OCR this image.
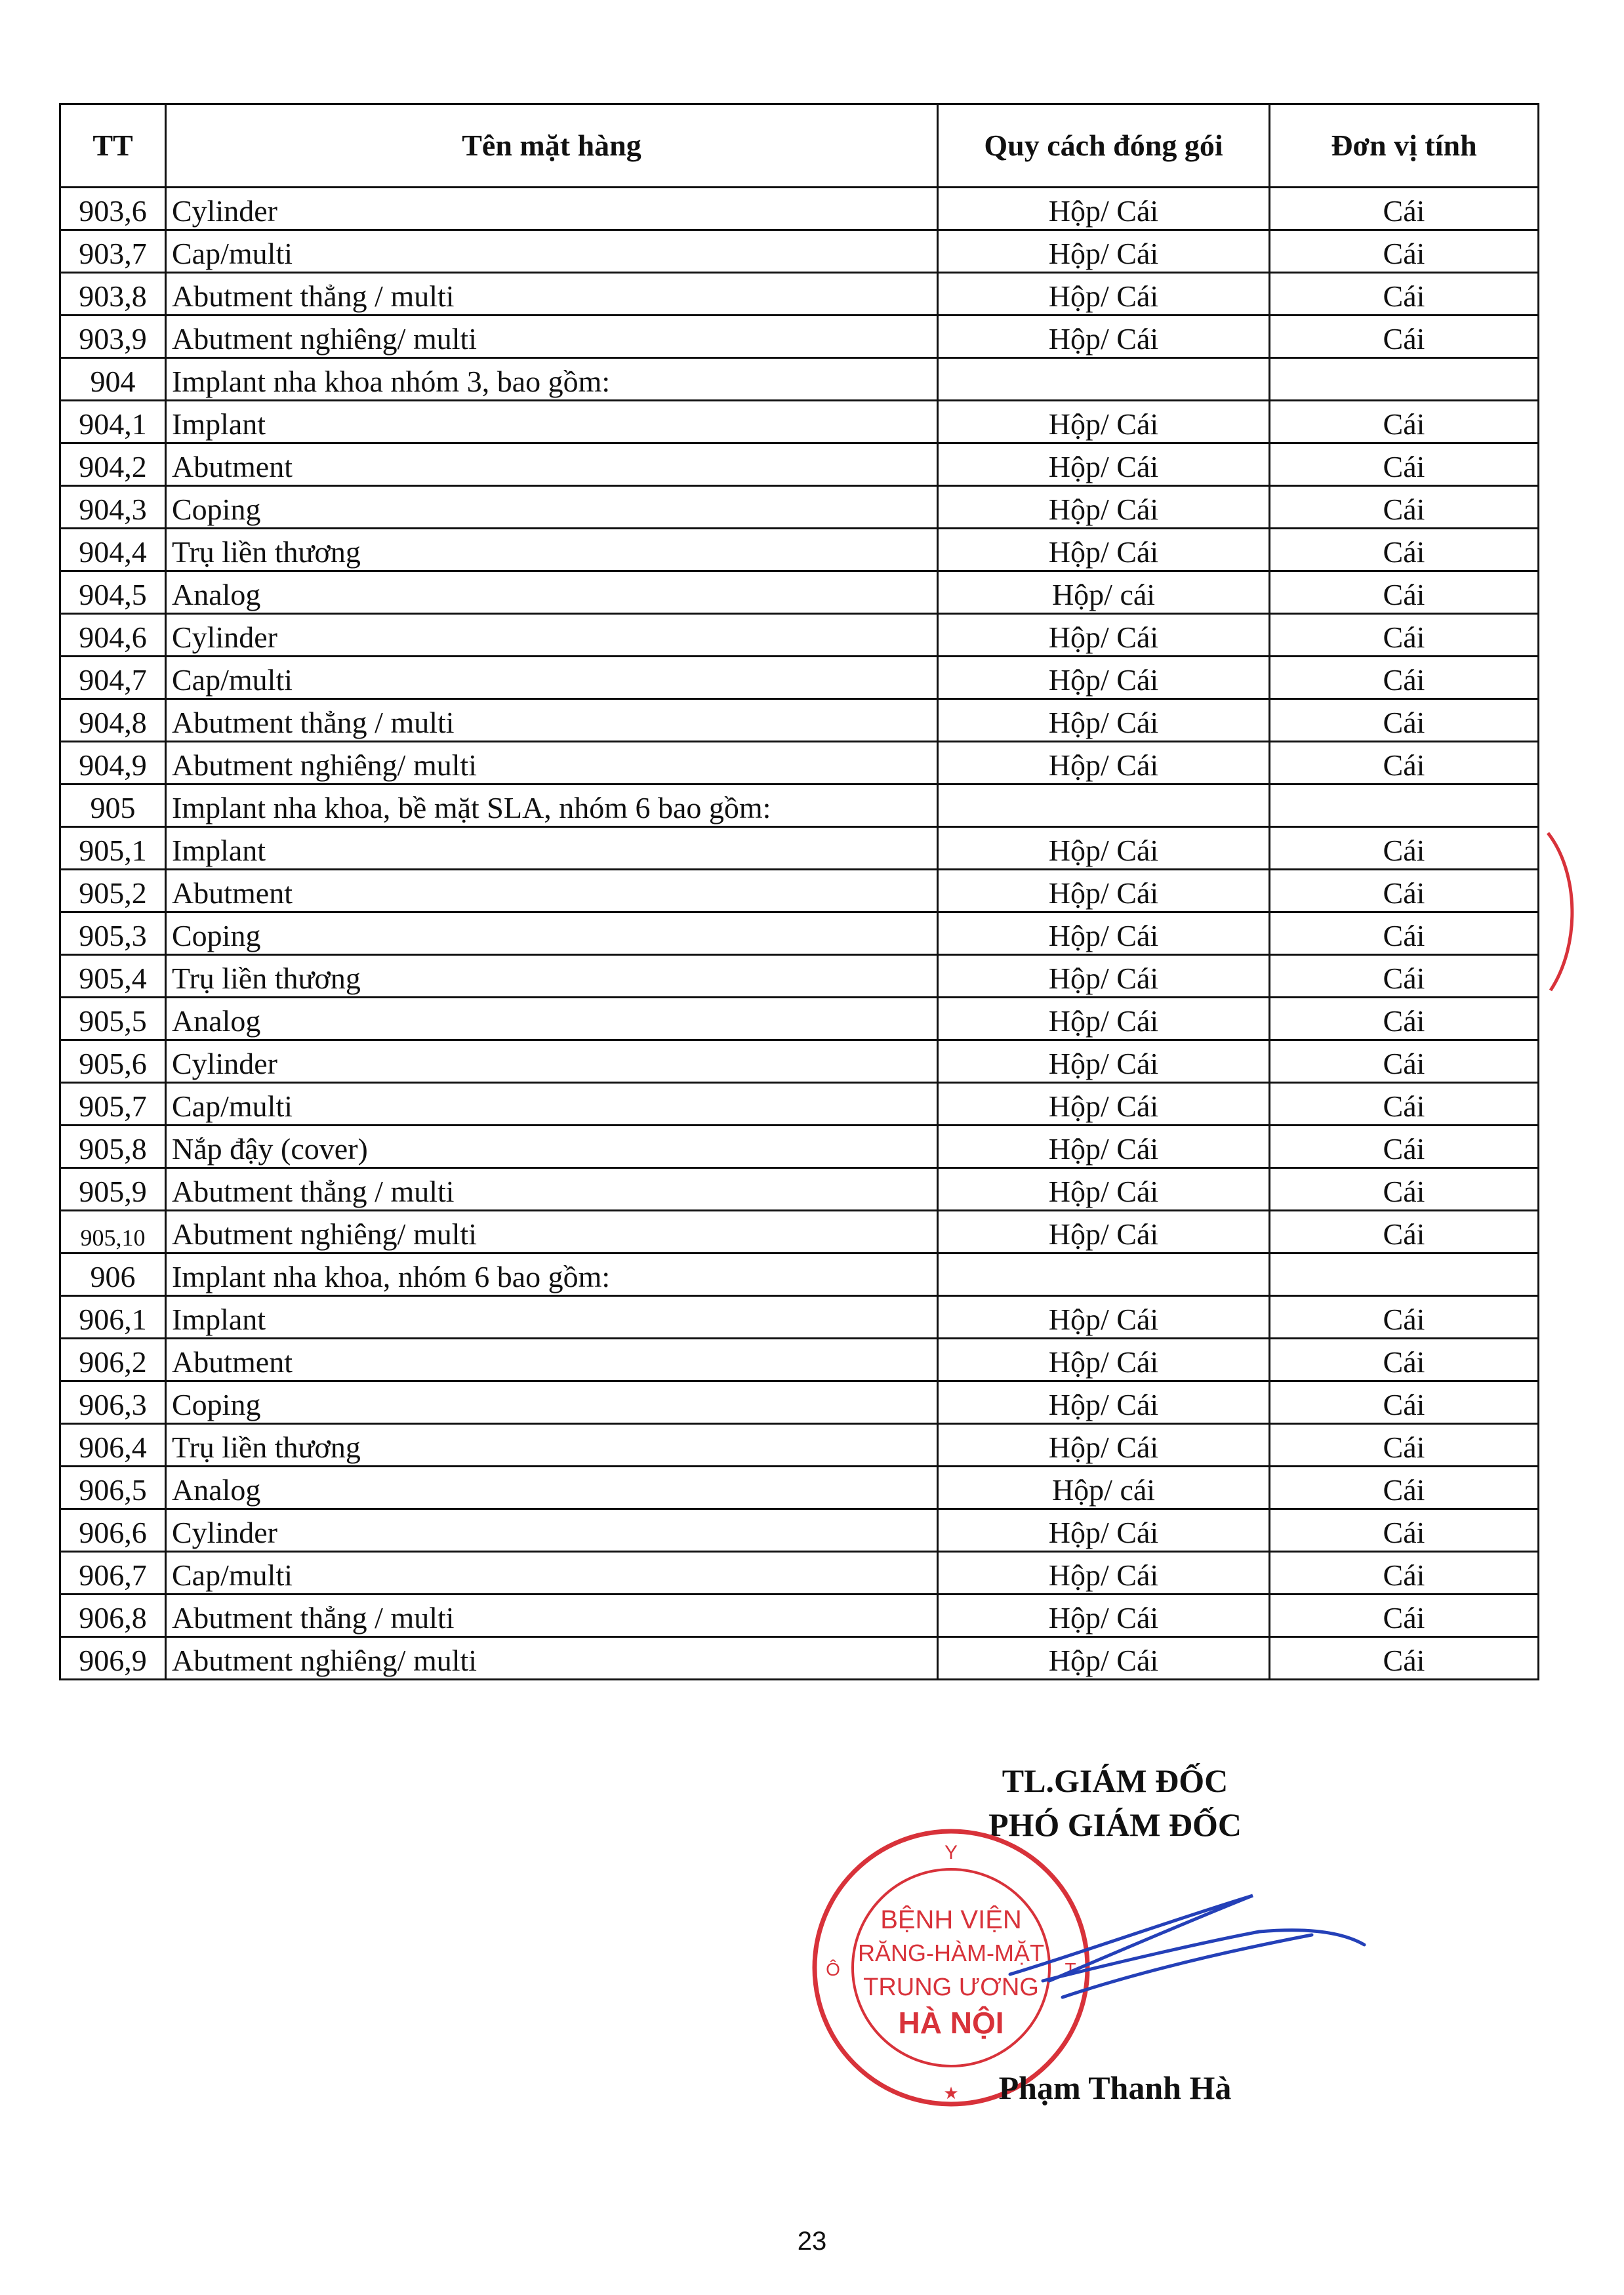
TT	Tên mặt hàng	Quy cách đóng gói	Đơn vị tính
903,6	Cylinder	Hộp/ Cái	Cái
903,7	Cap/multi	Hộp/ Cái	Cái
903,8	Abutment thẳng / multi	Hộp/ Cái	Cái
903,9	Abutment nghiêng/ multi	Hộp/ Cái	Cái
904	Implant nha khoa nhóm 3, bao gồm:		
904,1	Implant	Hộp/ Cái	Cái
904,2	Abutment	Hộp/ Cái	Cái
904,3	Coping	Hộp/ Cái	Cái
904,4	Trụ liền thương	Hộp/ Cái	Cái
904,5	Analog	Hộp/ cái	Cái
904,6	Cylinder	Hộp/ Cái	Cái
904,7	Cap/multi	Hộp/ Cái	Cái
904,8	Abutment thẳng / multi	Hộp/ Cái	Cái
904,9	Abutment nghiêng/ multi	Hộp/ Cái	Cái
905	Implant nha khoa, bề mặt SLA, nhóm 6 bao gồm:		
905,1	Implant	Hộp/ Cái	Cái
905,2	Abutment	Hộp/ Cái	Cái
905,3	Coping	Hộp/ Cái	Cái
905,4	Trụ liền thương	Hộp/ Cái	Cái
905,5	Analog	Hộp/ Cái	Cái
905,6	Cylinder	Hộp/ Cái	Cái
905,7	Cap/multi	Hộp/ Cái	Cái
905,8	Nắp đậy (cover)	Hộp/ Cái	Cái
905,9	Abutment thẳng / multi	Hộp/ Cái	Cái
905,10	Abutment nghiêng/ multi	Hộp/ Cái	Cái
906	Implant nha khoa, nhóm 6 bao gồm:		
906,1	Implant	Hộp/ Cái	Cái
906,2	Abutment	Hộp/ Cái	Cái
906,3	Coping	Hộp/ Cái	Cái
906,4	Trụ liền thương	Hộp/ Cái	Cái
906,5	Analog	Hộp/ cái	Cái
906,6	Cylinder	Hộp/ Cái	Cái
906,7	Cap/multi	Hộp/ Cái	Cái
906,8	Abutment thẳng / multi	Hộp/ Cái	Cái
906,9	Abutment nghiêng/ multi	Hộp/ Cái	Cái
TL.GIÁM ĐỐC
PHÓ GIÁM ĐỐC
Y
Ô	T
BỆNH VIỆN
RĂNG-HÀM-MẶT
TRUNG ƯƠNG
HÀ NỘI
★	Phạm Thanh Hà
23
